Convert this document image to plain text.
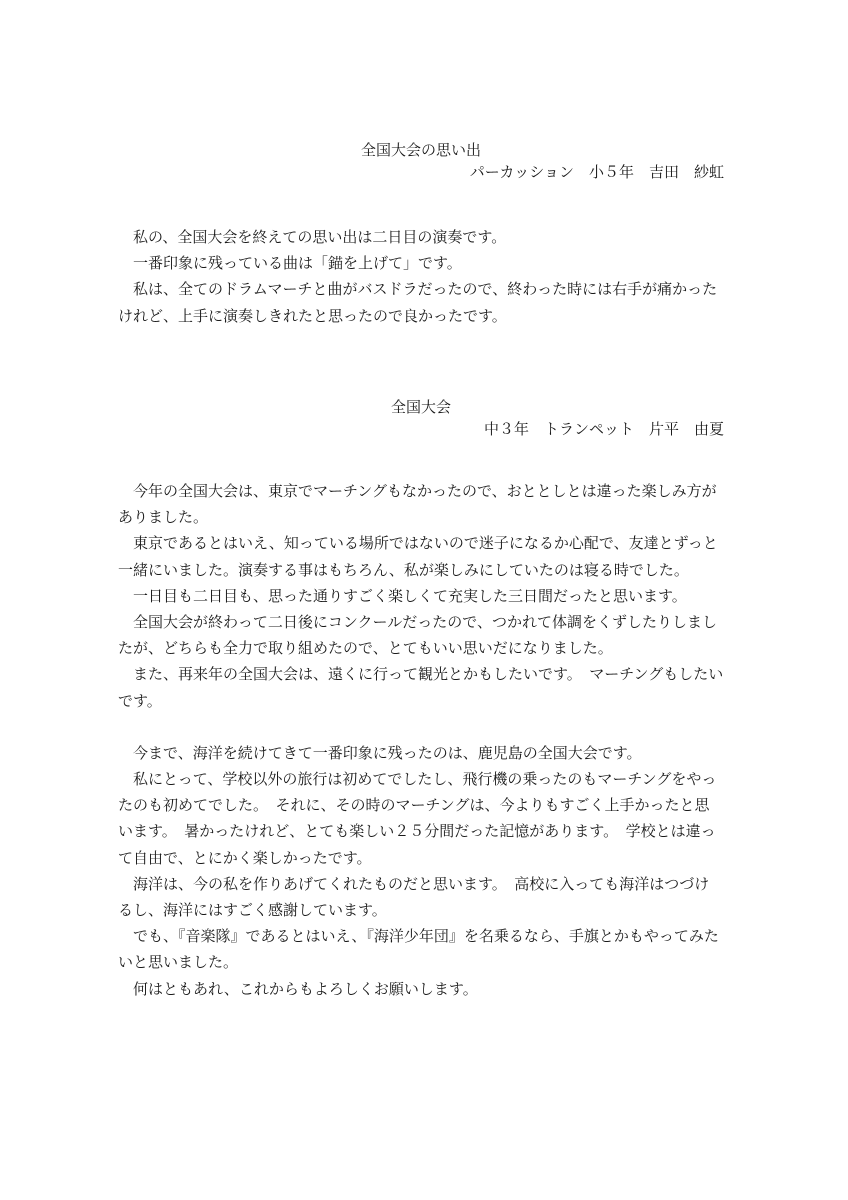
全国大会の思い出
パーカッション　小５年　吉田　紗虹

私の、全国大会を終えての思い出は二日目の演奏です。

一番印象に残っている曲は「錨を上げて」です。

私は、全てのドラムマーチと曲がバスドラだったので、終わった時には右手が痛かったけれど、上手に演奏しきれたと思ったので良かったです。

全国大会
中３年　トランペット　片平　由夏

今年の全国大会は、東京でマーチングもなかったので、おととしとは違った楽しみ方がありました。

東京であるとはいえ、知っている場所ではないので迷子になるか心配で、友達とずっと一緒にいました。演奏する事はもちろん、私が楽しみにしていたのは寝る時でした。

一日目も二日目も、思った通りすごく楽しくて充実した三日間だったと思います。

全国大会が終わって二日後にコンクールだったので、つかれて体調をくずしたりしましたが、どちらも全力で取り組めたので、とてもいい思いだになりました。

また、再来年の全国大会は、遠くに行って観光とかもしたいです。　マーチングもしたいです。

今まで、海洋を続けてきて一番印象に残ったのは、鹿児島の全国大会です。

私にとって、学校以外の旅行は初めてでしたし、飛行機の乗ったのもマーチングをやったのも初めてでした。　それに、その時のマーチングは、今よりもすごく上手かったと思います。　暑かったけれど、とても楽しい２５分間だった記憶があります。　学校とは違って自由で、とにかく楽しかったです。

海洋は、今の私を作りあげてくれたものだと思います。　高校に入っても海洋はつづけるし、海洋にはすごく感謝しています。

でも、『音楽隊』であるとはいえ、『海洋少年団』を名乗るなら、手旗とかもやってみたいと思いました。

何はともあれ、これからもよろしくお願いします。
